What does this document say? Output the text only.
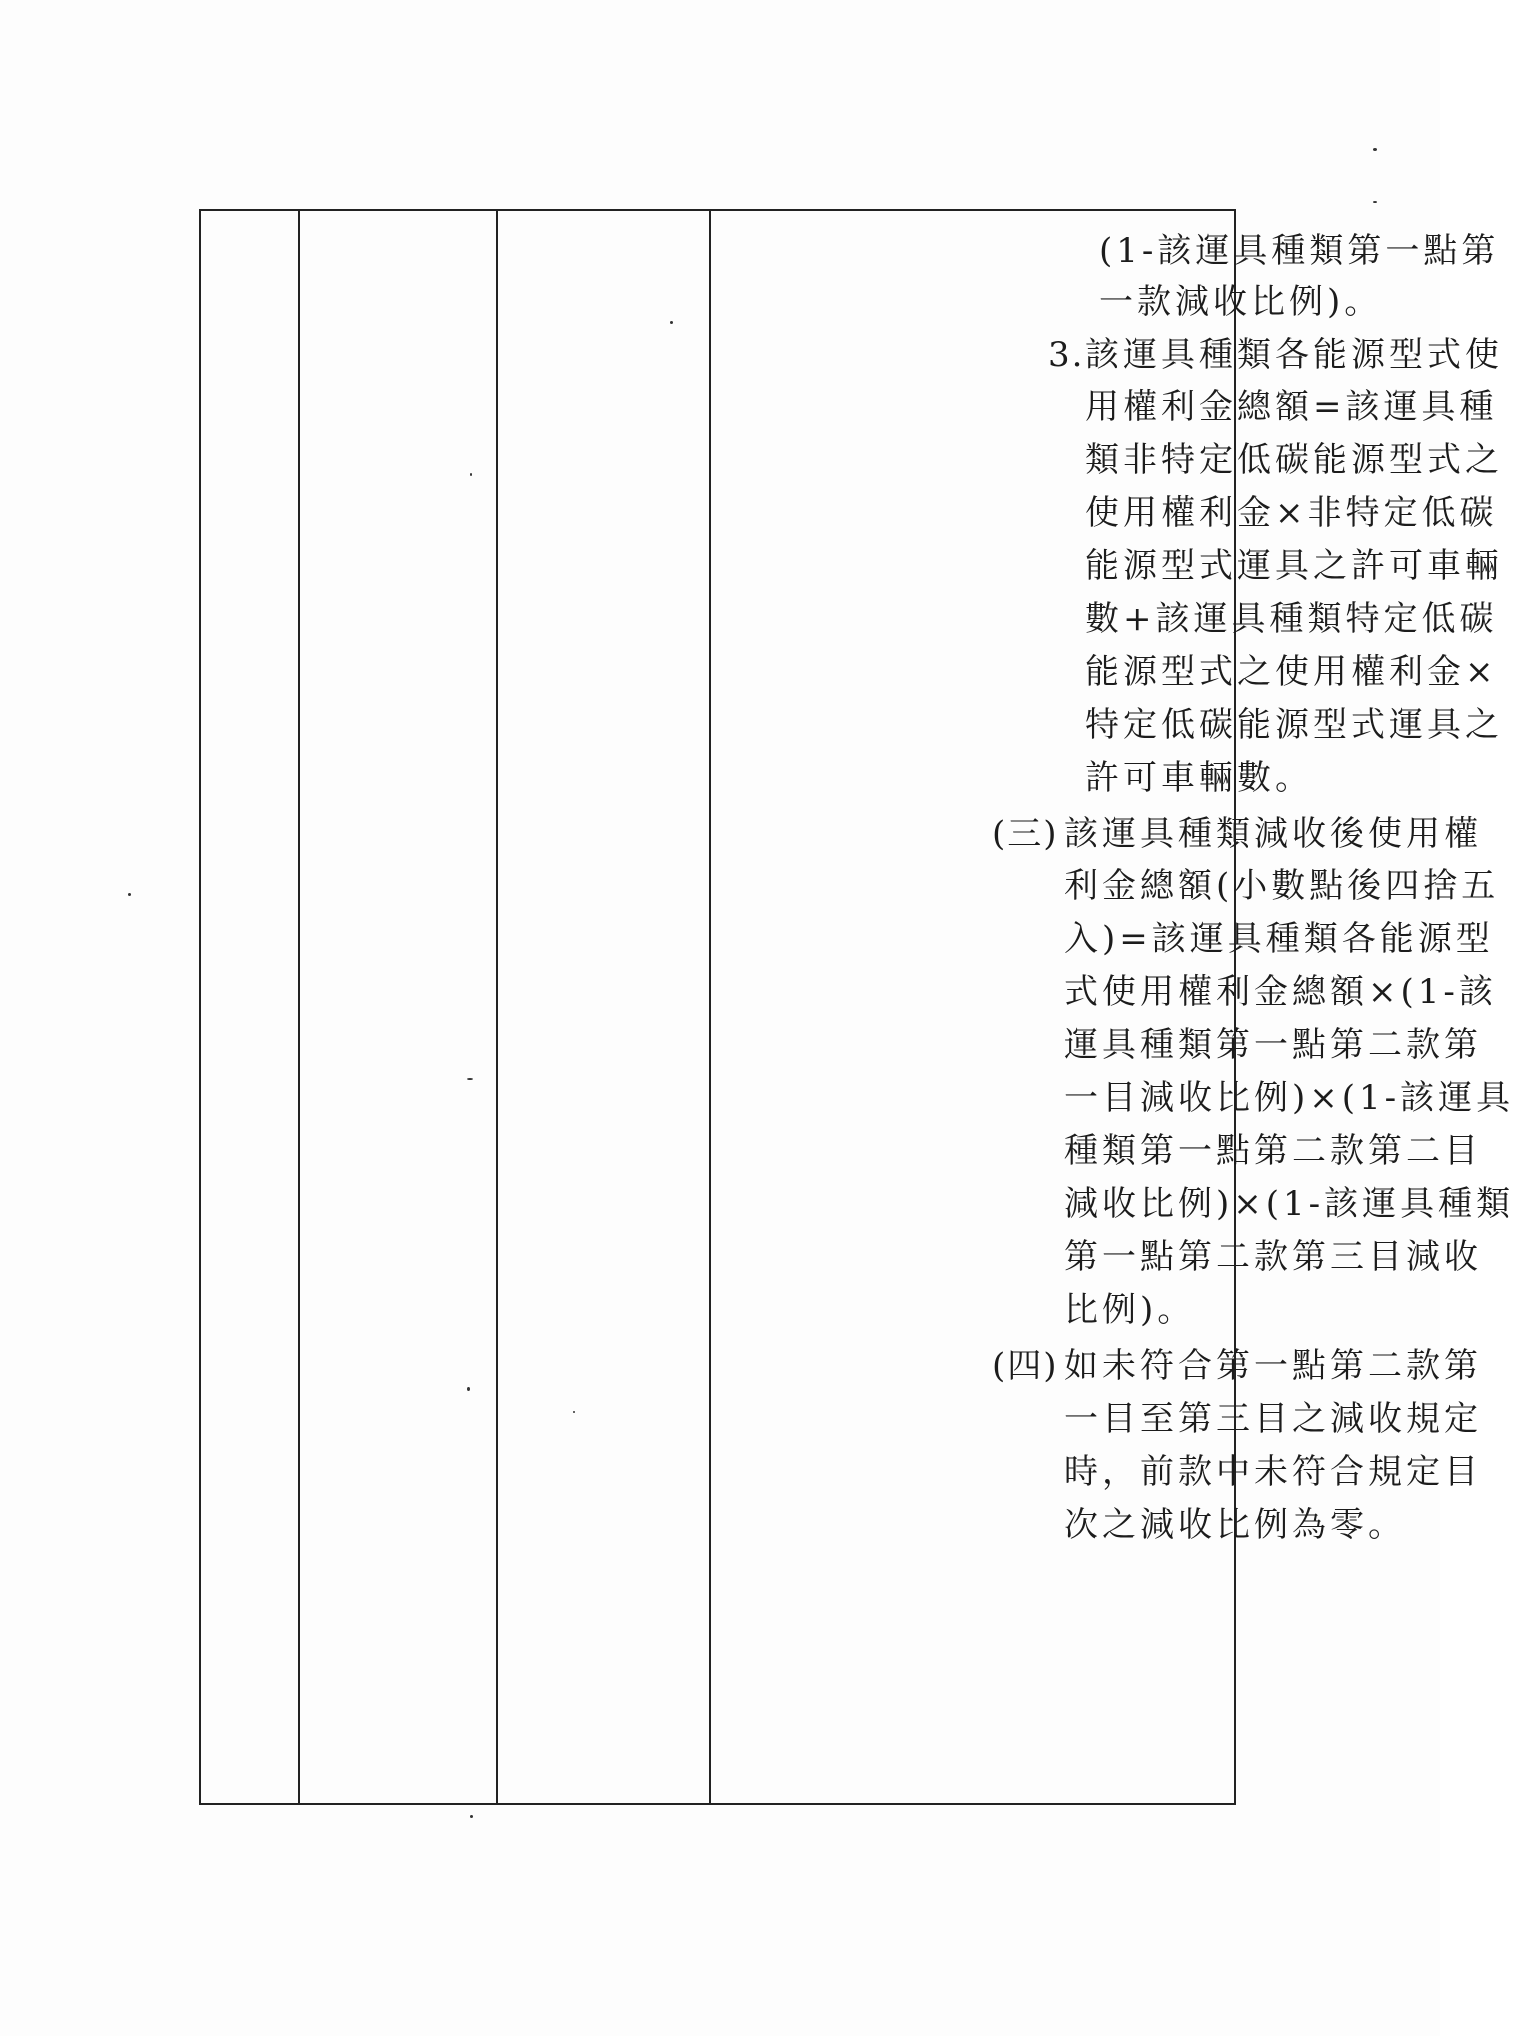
(1-該運具種類第一點第
一款減收比例)。
3. 該運具種類各能源型式使
用權利金總額=該運具種
類非特定低碳能源型式之
使用權利金×非特定低碳
能源型式運具之許可車輛
數+該運具種類特定低碳
能源型式之使用權利金×
特定低碳能源型式運具之
許可車輛數。
(三) 該運具種類減收後使用權
利金總額(小數點後四捨五
入)=該運具種類各能源型
式使用權利金總額×(1-該
運具種類第一點第二款第
一目減收比例)×(1-該運具
種類第一點第二款第二目
減收比例)×(1-該運具種類
第一點第二款第三目減收
比例)。
(四) 如未符合第一點第二款第
一目至第三目之減收規定
時，前款中未符合規定目
次之減收比例為零。
